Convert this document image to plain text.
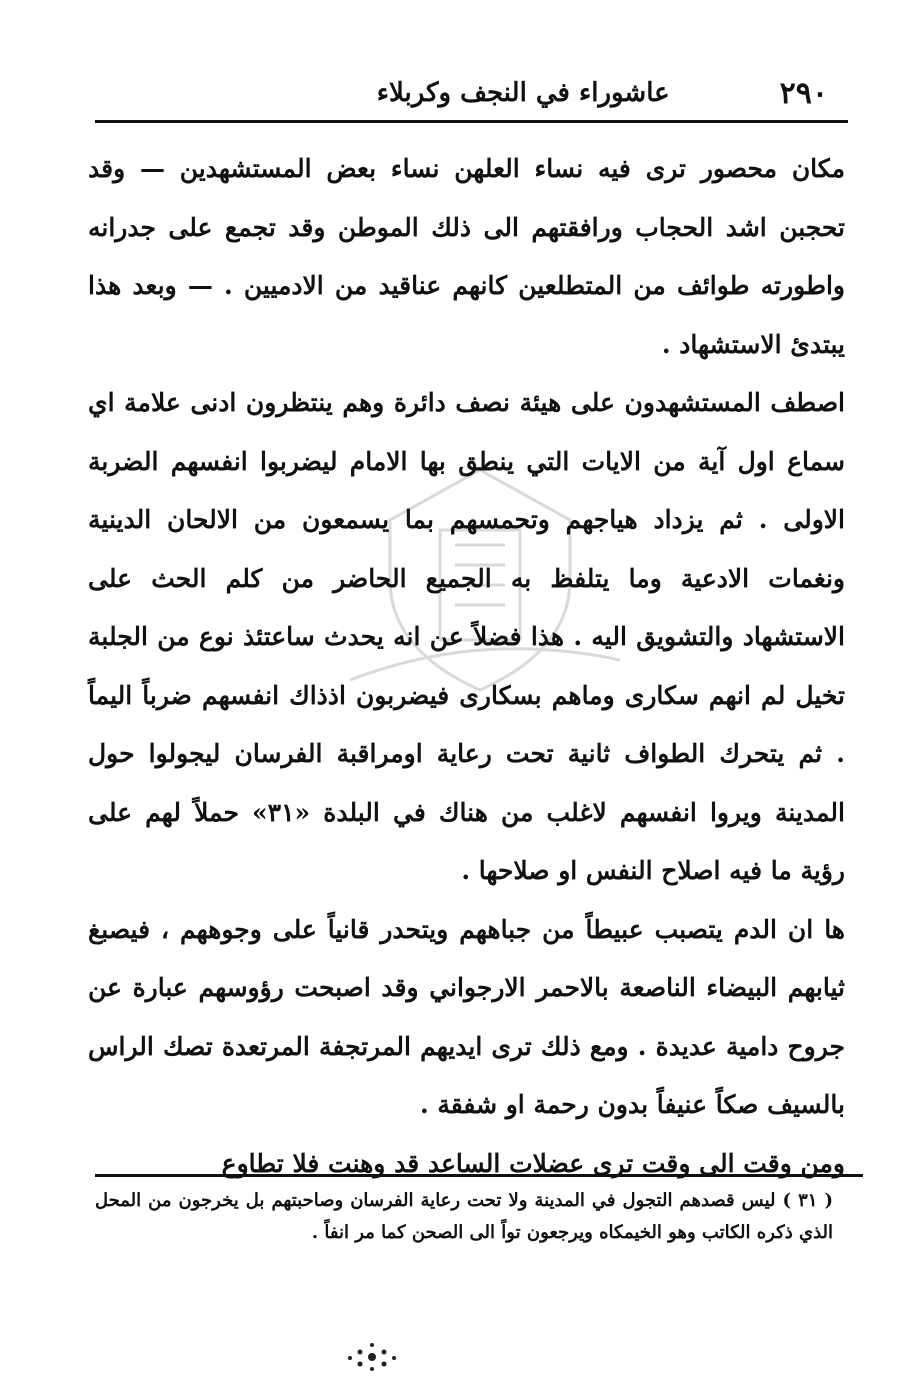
٢٩٠
عاشوراء في النجف وكربلاء

مكان محصور ترى فيه نساء العلهن نساء بعض المستشهدين — وقد تحجبن اشد الحجاب ورافقتهم الى ذلك الموطن وقد تجمع على جدرانه واطورته طوائف من المتطلعين كانهم عناقيد من الادميين . — وبعد هذا يبتدئ الاستشهاد .

اصطف المستشهدون على هيئة نصف دائرة وهم ينتظرون ادنى علامة اي سماع اول آية من الايات التي ينطق بها الامام ليضربوا انفسهم الضربة الاولى . ثم يزداد هياجهم وتحمسهم بما يسمعون من الالحان الدينية ونغمات الادعية وما يتلفظ به الجميع الحاضر من كلم الحث على الاستشهاد والتشويق اليه . هذا فضلاً عن انه يحدث ساعتئذ نوع من الجلبة تخيل لم انهم سكارى وماهم بسكارى فيضربون اذذاك انفسهم ضرباً اليماً . ثم يتحرك الطواف ثانية تحت رعاية اومراقبة الفرسان ليجولوا حول المدينة ويروا انفسهم لاغلب من هناك في البلدة «٣١» حملاً لهم على رؤية ما فيه اصلاح النفس او صلاحها .

ها ان الدم يتصبب عبيطاً من جباههم ويتحدر قانياً على وجوههم ، فيصبغ ثيابهم البيضاء الناصعة بالاحمر الارجواني وقد اصبحت رؤوسهم عبارة عن جروح دامية عديدة . ومع ذلك ترى ايديهم المرتجفة المرتعدة تصك الراس بالسيف صكاً عنيفاً بدون رحمة او شفقة .

ومن وقت الى وقت ترى عضلات الساعد قد وهنت فلا تطاوع

( ٣١ ) ليس قصدهم التجول في المدينة ولا تحت رعاية الفرسان وصاحبتهم بل يخرجون من المحل الذي ذكره الكاتب وهو الخيمكاه ويرجعون تواً الى الصحن كما مر انفاً .
